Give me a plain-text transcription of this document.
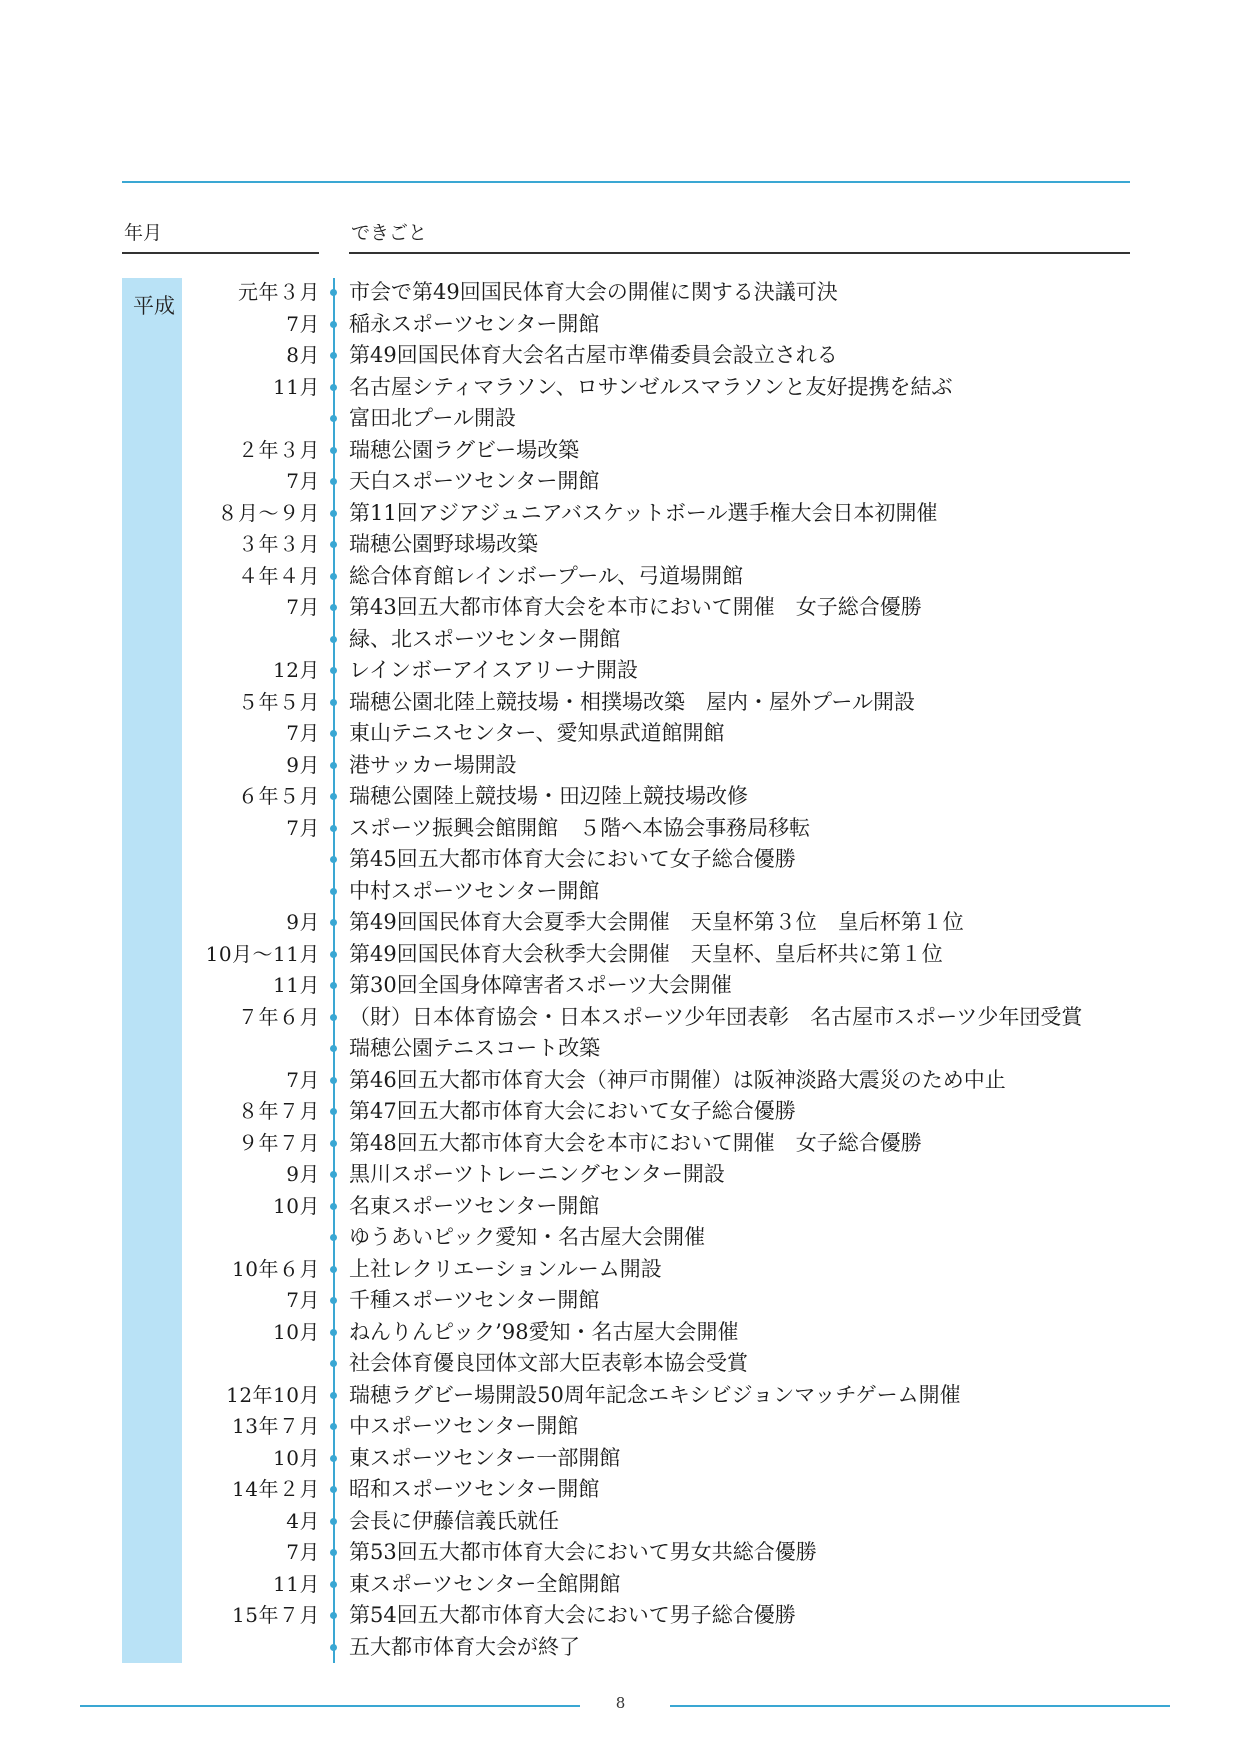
年月	できごと
平成
元年３月 市会で第49回国民体育大会の開催に関する決議可決
7月 稲永スポーツセンター開館
8月 第49回国民体育大会名古屋市準備委員会設立される
11月 名古屋シティマラソン、ロサンゼルスマラソンと友好提携を結ぶ
富田北プール開設
２年３月 瑞穂公園ラグビー場改築
7月 天白スポーツセンター開館
８月～９月 第11回アジアジュニアバスケットボール選手権大会日本初開催
３年３月 瑞穂公園野球場改築
４年４月 総合体育館レインボープール、弓道場開館
7月 第43回五大都市体育大会を本市において開催　女子総合優勝
緑、北スポーツセンター開館
12月 レインボーアイスアリーナ開設
５年５月 瑞穂公園北陸上競技場・相撲場改築　屋内・屋外プール開設
7月 東山テニスセンター、愛知県武道館開館
9月 港サッカー場開設
６年５月 瑞穂公園陸上競技場・田辺陸上競技場改修
7月 スポーツ振興会館開館　５階へ本協会事務局移転
第45回五大都市体育大会において女子総合優勝
中村スポーツセンター開館
9月 第49回国民体育大会夏季大会開催　天皇杯第３位　皇后杯第１位
10月～11月 第49回国民体育大会秋季大会開催　天皇杯、皇后杯共に第１位
11月 第30回全国身体障害者スポーツ大会開催
７年６月 （財）日本体育協会・日本スポーツ少年団表彰　名古屋市スポーツ少年団受賞
瑞穂公園テニスコート改築
7月 第46回五大都市体育大会（神戸市開催）は阪神淡路大震災のため中止
８年７月 第47回五大都市体育大会において女子総合優勝
９年７月 第48回五大都市体育大会を本市において開催　女子総合優勝
9月 黒川スポーツトレーニングセンター開設
10月 名東スポーツセンター開館
ゆうあいピック愛知・名古屋大会開催
10年６月 上社レクリエーションルーム開設
7月 千種スポーツセンター開館
10月 ねんりんピック’98愛知・名古屋大会開催
社会体育優良団体文部大臣表彰本協会受賞
12年10月 瑞穂ラグビー場開設50周年記念エキシビジョンマッチゲーム開催
13年７月 中スポーツセンター開館
10月 東スポーツセンター一部開館
14年２月 昭和スポーツセンター開館
4月 会長に伊藤信義氏就任
7月 第53回五大都市体育大会において男女共総合優勝
11月 東スポーツセンター全館開館
15年７月 第54回五大都市体育大会において男子総合優勝
五大都市体育大会が終了
8
